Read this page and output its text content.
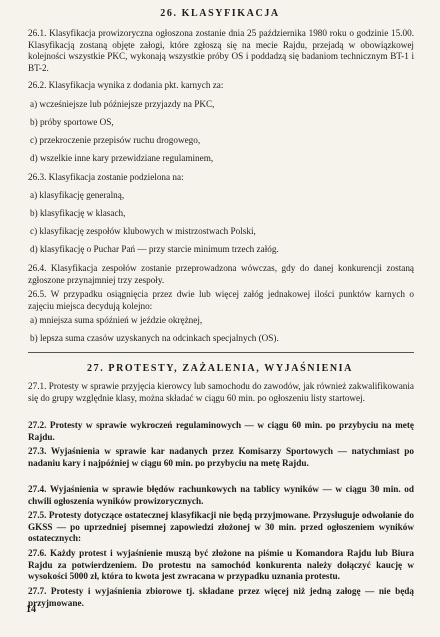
26. KLASYFIKACJA

26.1. Klasyfikacja prowizoryczna ogłoszona zostanie dnia 25 października 1980 roku o godzinie 15.00. Klasyfikacją zostaną objęte załogi, które zgłoszą się na mecie Rajdu, przejadą w obowiązkowej kolejności wszystkie PKC, wykonają wszystkie próby OS i poddadzą się badaniom technicznym BT-1 i BT-2.

26.2. Klasyfikacja wynika z dodania pkt. karnych za:

a) wcześniejsze lub późniejsze przyjazdy na PKC,

b) próby sportowe OS,

c) przekroczenie przepisów ruchu drogowego,

d) wszelkie inne kary przewidziane regulaminem,

26.3. Klasyfikacja zostanie podzielona na:

a) klasyfikację generalną,

b) klasyfikację w klasach,

c) klasyfikację zespołów klubowych w mistrzostwach Polski,

d) klasyfikację o Puchar Pań — przy starcie minimum trzech załóg.

26.4. Klasyfikacja zespołów zostanie przeprowadzona wówczas, gdy do danej konkurencji zostaną zgłoszone przynajmniej trzy zespoły.

26.5. W przypadku osiągnięcia przez dwie lub więcej załóg jednakowej ilości punktów karnych o zajęciu miejsca decydują kolejno:

a) mniejsza suma spóźnień w jeździe okrężnej,

b) lepsza suma czasów uzyskanych na odcinkach specjalnych (OS).

27. PROTESTY, ZAŻALENIA, WYJAŚNIENIA

27.1. Protesty w sprawie przyjęcia kierowcy lub samochodu do zawodów, jak również zakwalifikowania się do grupy względnie klasy, można składać w ciągu 60 min. po ogłoszeniu listy startowej.

27.2. Protesty w sprawie wykroczeń regulaminowych — w ciągu 60 min. po przybyciu na metę Rajdu.

27.3. Wyjaśnienia w sprawie kar nadanych przez Komisarzy Sportowych — natychmiast po nadaniu kary i najpóźniej w ciągu 60 min. po przybyciu na metę Rajdu.

27.4. Wyjaśnienia w sprawie błędów rachunkowych na tablicy wyników — w ciągu 30 min. od chwili ogłoszenia wyników prowizorycznych.

27.5. Protesty dotyczące ostatecznej klasyfikacji nie będą przyjmowane. Przysługuje odwołanie do GKSS — po uprzedniej pisemnej zapowiedzi złożonej w 30 min. przed ogłoszeniem wyników ostatecznych:

27.6. Każdy protest i wyjaśnienie muszą być złożone na piśmie u Komandora Rajdu lub Biura Rajdu za potwierdzeniem. Do protestu na samochód konkurenta należy dołączyć kaucję w wysokości 5000 zł, która to kwota jest zwracana w przypadku uznania protestu.

27.7. Protesty i wyjaśnienia zbiorowe tj. składane przez więcej niż jedną załogę — nie będą przyjmowane.

14
